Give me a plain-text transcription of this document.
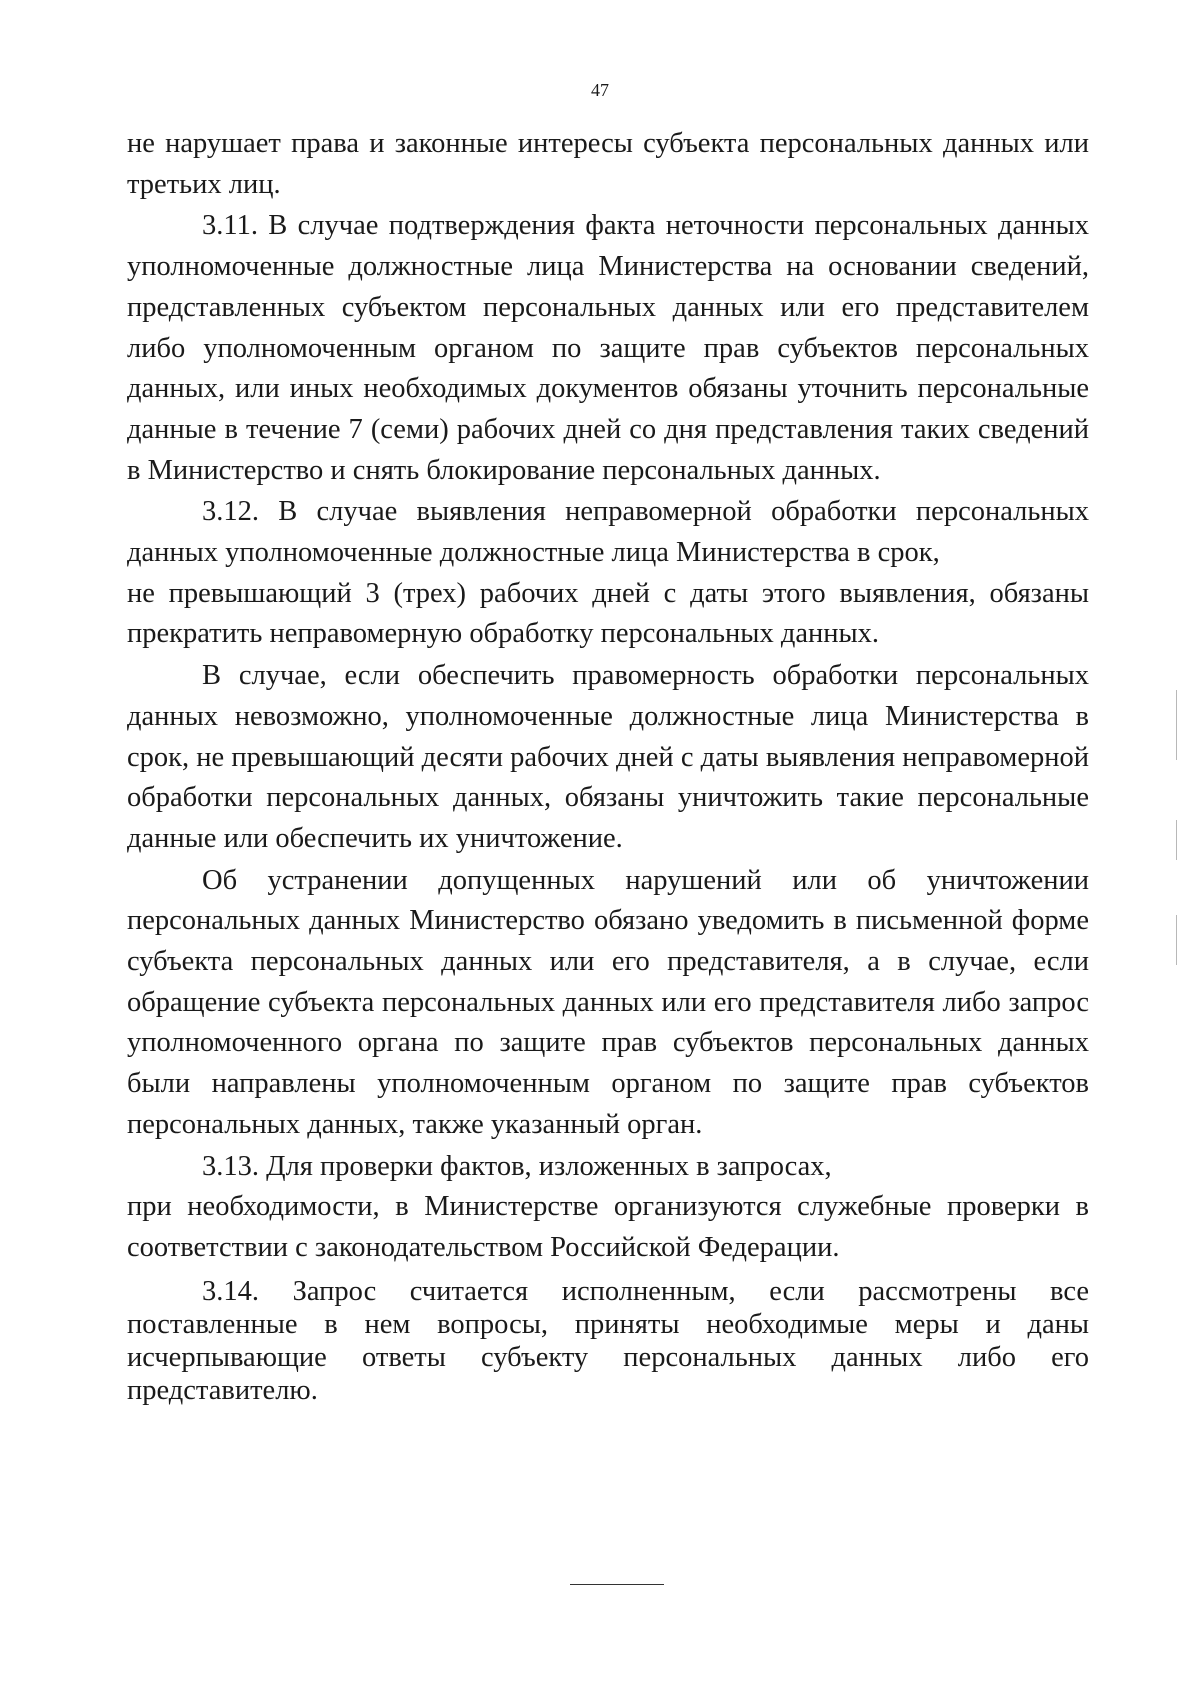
47

не нарушает права и законные интересы субъекта персональных данных или третьих лиц.

3.11. В случае подтверждения факта неточности персональных данных уполномоченные должностные лица Министерства на основании сведений, представленных субъектом персональных данных или его представителем либо уполномоченным органом по защите прав субъектов персональных данных, или иных необходимых документов обязаны уточнить персональные данные в течение 7 (семи) рабочих дней со дня представления таких сведений в Министерство и снять блокирование персональных данных.

3.12. В случае выявления неправомерной обработки персональных данных уполномоченные должностные лица Министерства в срок,

не превышающий 3 (трех) рабочих дней с даты этого выявления, обязаны прекратить неправомерную обработку персональных данных.

В случае, если обеспечить правомерность обработки персональных данных невозможно, уполномоченные должностные лица Министерства в срок, не превышающий десяти рабочих дней с даты выявления неправомерной обработки персональных данных, обязаны уничтожить такие персональные данные или обеспечить их уничтожение.

Об устранении допущенных нарушений или об уничтожении персональных данных Министерство обязано уведомить в письменной форме субъекта персональных данных или его представителя, а в случае, если обращение субъекта персональных данных или его представителя либо запрос уполномоченного органа по защите прав субъектов персональных данных были направлены уполномоченным органом по защите прав субъектов персональных данных, также указанный орган.

3.13. Для проверки фактов, изложенных в запросах,

при необходимости, в Министерстве организуются служебные проверки в соответствии с законодательством Российской Федерации.

3.14. Запрос считается исполненным, если рассмотрены все поставленные в нем вопросы, приняты необходимые меры и даны исчерпывающие ответы субъекту персональных данных либо его представителю.
